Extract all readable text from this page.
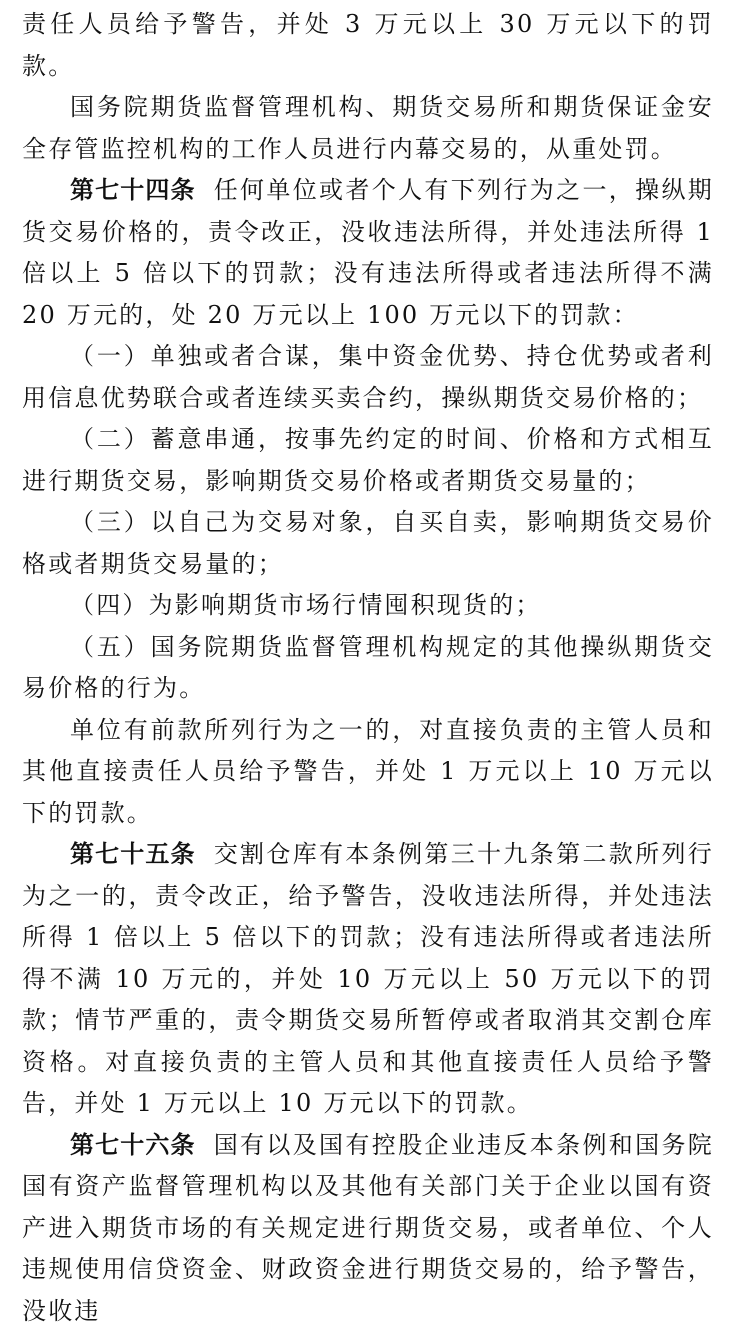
责任人员给予警告，并处 3 万元以上 30 万元以下的罚款。

国务院期货监督管理机构、期货交易所和期货保证金安全存管监控机构的工作人员进行内幕交易的，从重处罚。

第七十四条 任何单位或者个人有下列行为之一，操纵期货交易价格的，责令改正，没收违法所得，并处违法所得 1 倍以上 5 倍以下的罚款；没有违法所得或者违法所得不满 20 万元的，处 20 万元以上 100 万元以下的罚款：

（一）单独或者合谋，集中资金优势、持仓优势或者利用信息优势联合或者连续买卖合约，操纵期货交易价格的；

（二）蓄意串通，按事先约定的时间、价格和方式相互进行期货交易，影响期货交易价格或者期货交易量的；

（三）以自己为交易对象，自买自卖，影响期货交易价格或者期货交易量的；

（四）为影响期货市场行情囤积现货的；

（五）国务院期货监督管理机构规定的其他操纵期货交易价格的行为。

单位有前款所列行为之一的，对直接负责的主管人员和其他直接责任人员给予警告，并处 1 万元以上 10 万元以下的罚款。

第七十五条 交割仓库有本条例第三十九条第二款所列行为之一的，责令改正，给予警告，没收违法所得，并处违法所得 1 倍以上 5 倍以下的罚款；没有违法所得或者违法所得不满 10 万元的，并处 10 万元以上 50 万元以下的罚款；情节严重的，责令期货交易所暂停或者取消其交割仓库资格。对直接负责的主管人员和其他直接责任人员给予警告，并处 1 万元以上 10 万元以下的罚款。

第七十六条 国有以及国有控股企业违反本条例和国务院国有资产监督管理机构以及其他有关部门关于企业以国有资产进入期货市场的有关规定进行期货交易，或者单位、个人违规使用信贷资金、财政资金进行期货交易的，给予警告，没收违
